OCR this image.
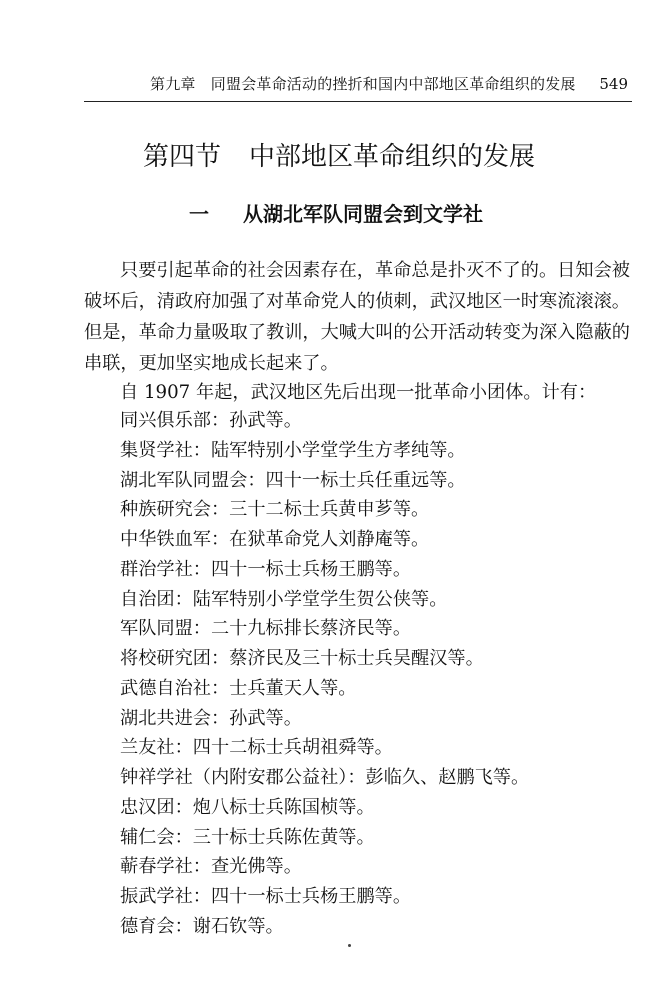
第九章　同盟会革命活动的挫折和国内中部地区革命组织的发展 549
第四节 中部地区革命组织的发展
一 从湖北军队同盟会到文学社

只要引起革命的社会因素存在，革命总是扑灭不了的。日知会被破坏后，清政府加强了对革命党人的侦刺，武汉地区一时寒流滚滚。但是，革命力量吸取了教训，大喊大叫的公开活动转变为深入隐蔽的串联，更加坚实地成长起来了。

自 1907 年起，武汉地区先后出现一批革命小团体。计有：
同兴俱乐部：孙武等。
集贤学社：陆军特别小学堂学生方孝纯等。
湖北军队同盟会：四十一标士兵任重远等。
种族研究会：三十二标士兵黄申芗等。
中华铁血军：在狱革命党人刘静庵等。
群治学社：四十一标士兵杨王鹏等。
自治团：陆军特别小学堂学生贺公侠等。
军队同盟：二十九标排长蔡济民等。
将校研究团：蔡济民及三十标士兵吴醒汉等。
武德自治社：士兵董天人等。
湖北共进会：孙武等。
兰友社：四十二标士兵胡祖舜等。
钟祥学社（内附安郡公益社）：彭临久、赵鹏飞等。
忠汉团：炮八标士兵陈国桢等。
辅仁会：三十标士兵陈佐黄等。
蕲春学社：查光佛等。
振武学社：四十一标士兵杨王鹏等。
德育会：谢石钦等。
